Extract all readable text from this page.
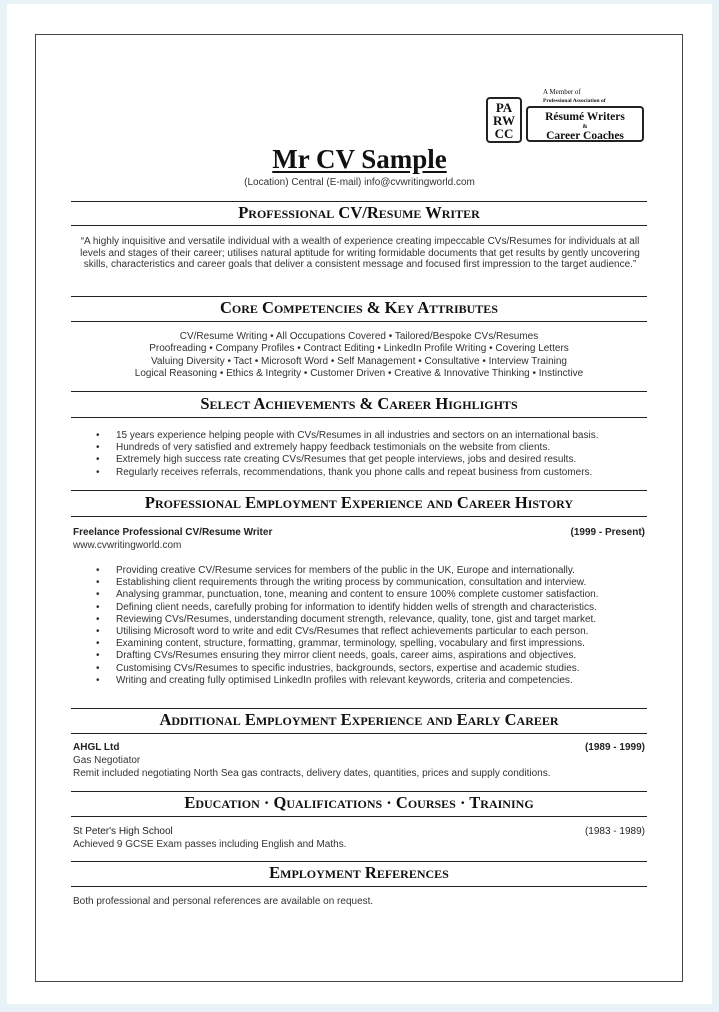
A Member of
Professional Association of
PA
RW
CC
Résumé Writers
&
Career Coaches
Mr CV Sample
(Location) Central (E-mail) info@cvwritingworld.com
Professional CV/Resume Writer
“A highly inquisitive and versatile individual with a wealth of experience creating impeccable CVs/Resumes for individuals at all levels and stages of their career; utilises natural aptitude for writing formidable documents that get results by gently uncovering skills, characteristics and career goals that deliver a consistent message and focused first impression to the target audience.”
Core Competencies & Key Attributes
CV/Resume Writing • All Occupations Covered • Tailored/Bespoke CVs/Resumes
Proofreading • Company Profiles • Contract Editing • LinkedIn Profile Writing • Covering Letters
Valuing Diversity • Tact • Microsoft Word • Self Management • Consultative • Interview Training
Logical Reasoning • Ethics & Integrity • Customer Driven • Creative & Innovative Thinking • Instinctive
Select Achievements & Career Highlights
• 15 years experience helping people with CVs/Resumes in all industries and sectors on an international basis.
• Hundreds of very satisfied and extremely happy feedback testimonials on the website from clients.
• Extremely high success rate creating CVs/Resumes that get people interviews, jobs and desired results.
• Regularly receives referrals, recommendations, thank you phone calls and repeat business from customers.
Professional Employment Experience and Career History
Freelance Professional CV/Resume Writer	(1999 - Present)
www.cvwritingworld.com
• Providing creative CV/Resume services for members of the public in the UK, Europe and internationally.
• Establishing client requirements through the writing process by communication, consultation and interview.
• Analysing grammar, punctuation, tone, meaning and content to ensure 100% complete customer satisfaction.
• Defining client needs, carefully probing for information to identify hidden wells of strength and characteristics.
• Reviewing CVs/Resumes, understanding document strength, relevance, quality, tone, gist and target market.
• Utilising Microsoft word to write and edit CVs/Resumes that reflect achievements particular to each person.
• Examining content, structure, formatting, grammar, terminology, spelling, vocabulary and first impressions.
• Drafting CVs/Resumes ensuring they mirror client needs, goals, career aims, aspirations and objectives.
• Customising CVs/Resumes to specific industries, backgrounds, sectors, expertise and academic studies.
• Writing and creating fully optimised LinkedIn profiles with relevant keywords, criteria and competencies.
Additional Employment Experience and Early Career
AHGL Ltd	(1989 - 1999)
Gas Negotiator
Remit included negotiating North Sea gas contracts, delivery dates, quantities, prices and supply conditions.
Education · Qualifications · Courses · Training
St Peter's High School	(1983 - 1989)
Achieved 9 GCSE Exam passes including English and Maths.
Employment References
Both professional and personal references are available on request.
